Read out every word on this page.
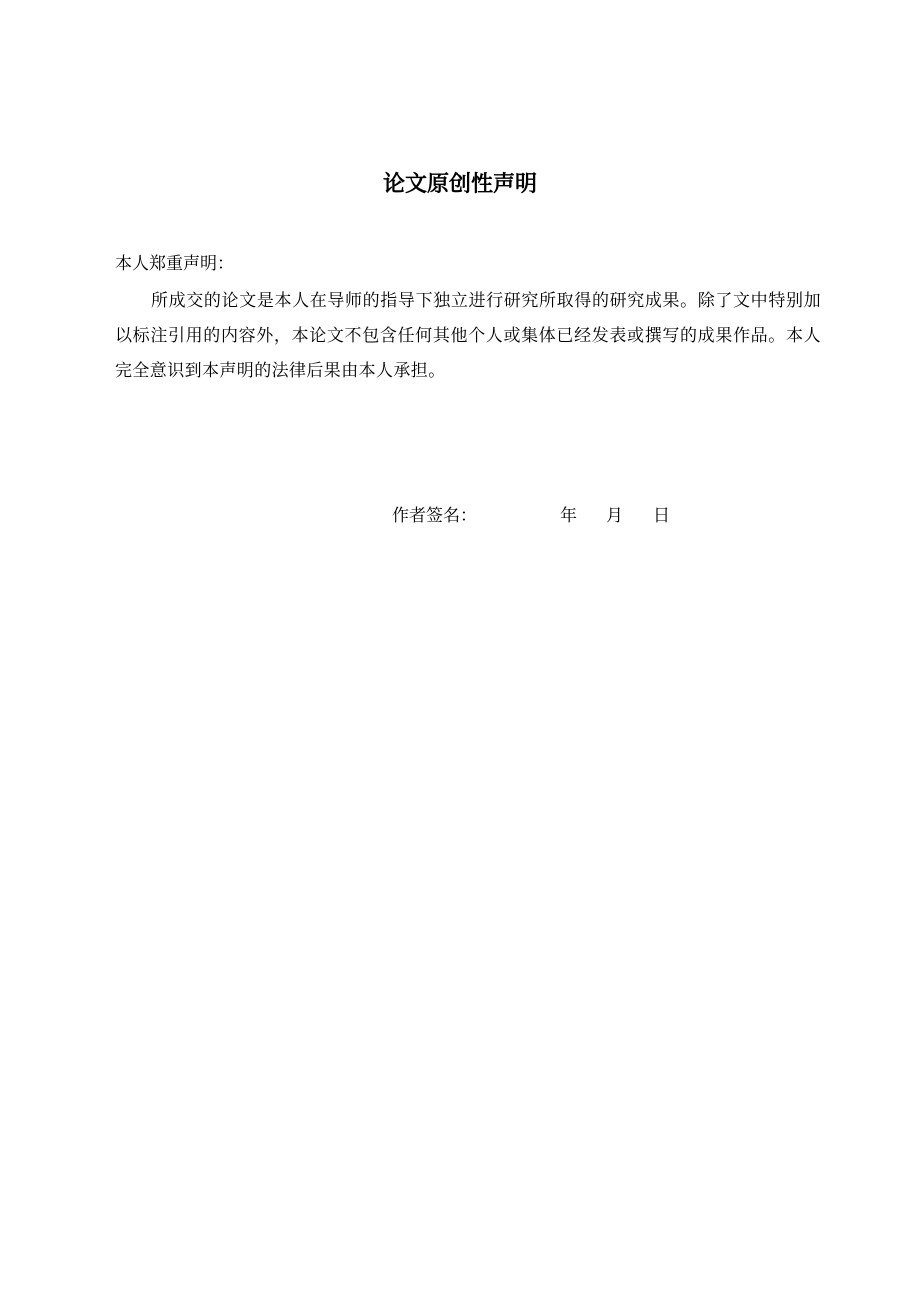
论文原创性声明
本人郑重声明：

所成交的论文是本人在导师的指导下独立进行研究所取得的研究成果。除了文中特别加以标注引用的内容外，本论文不包含任何其他个人或集体已经发表或撰写的成果作品。本人完全意识到本声明的法律后果由本人承担。

作者签名：	年 月 日
